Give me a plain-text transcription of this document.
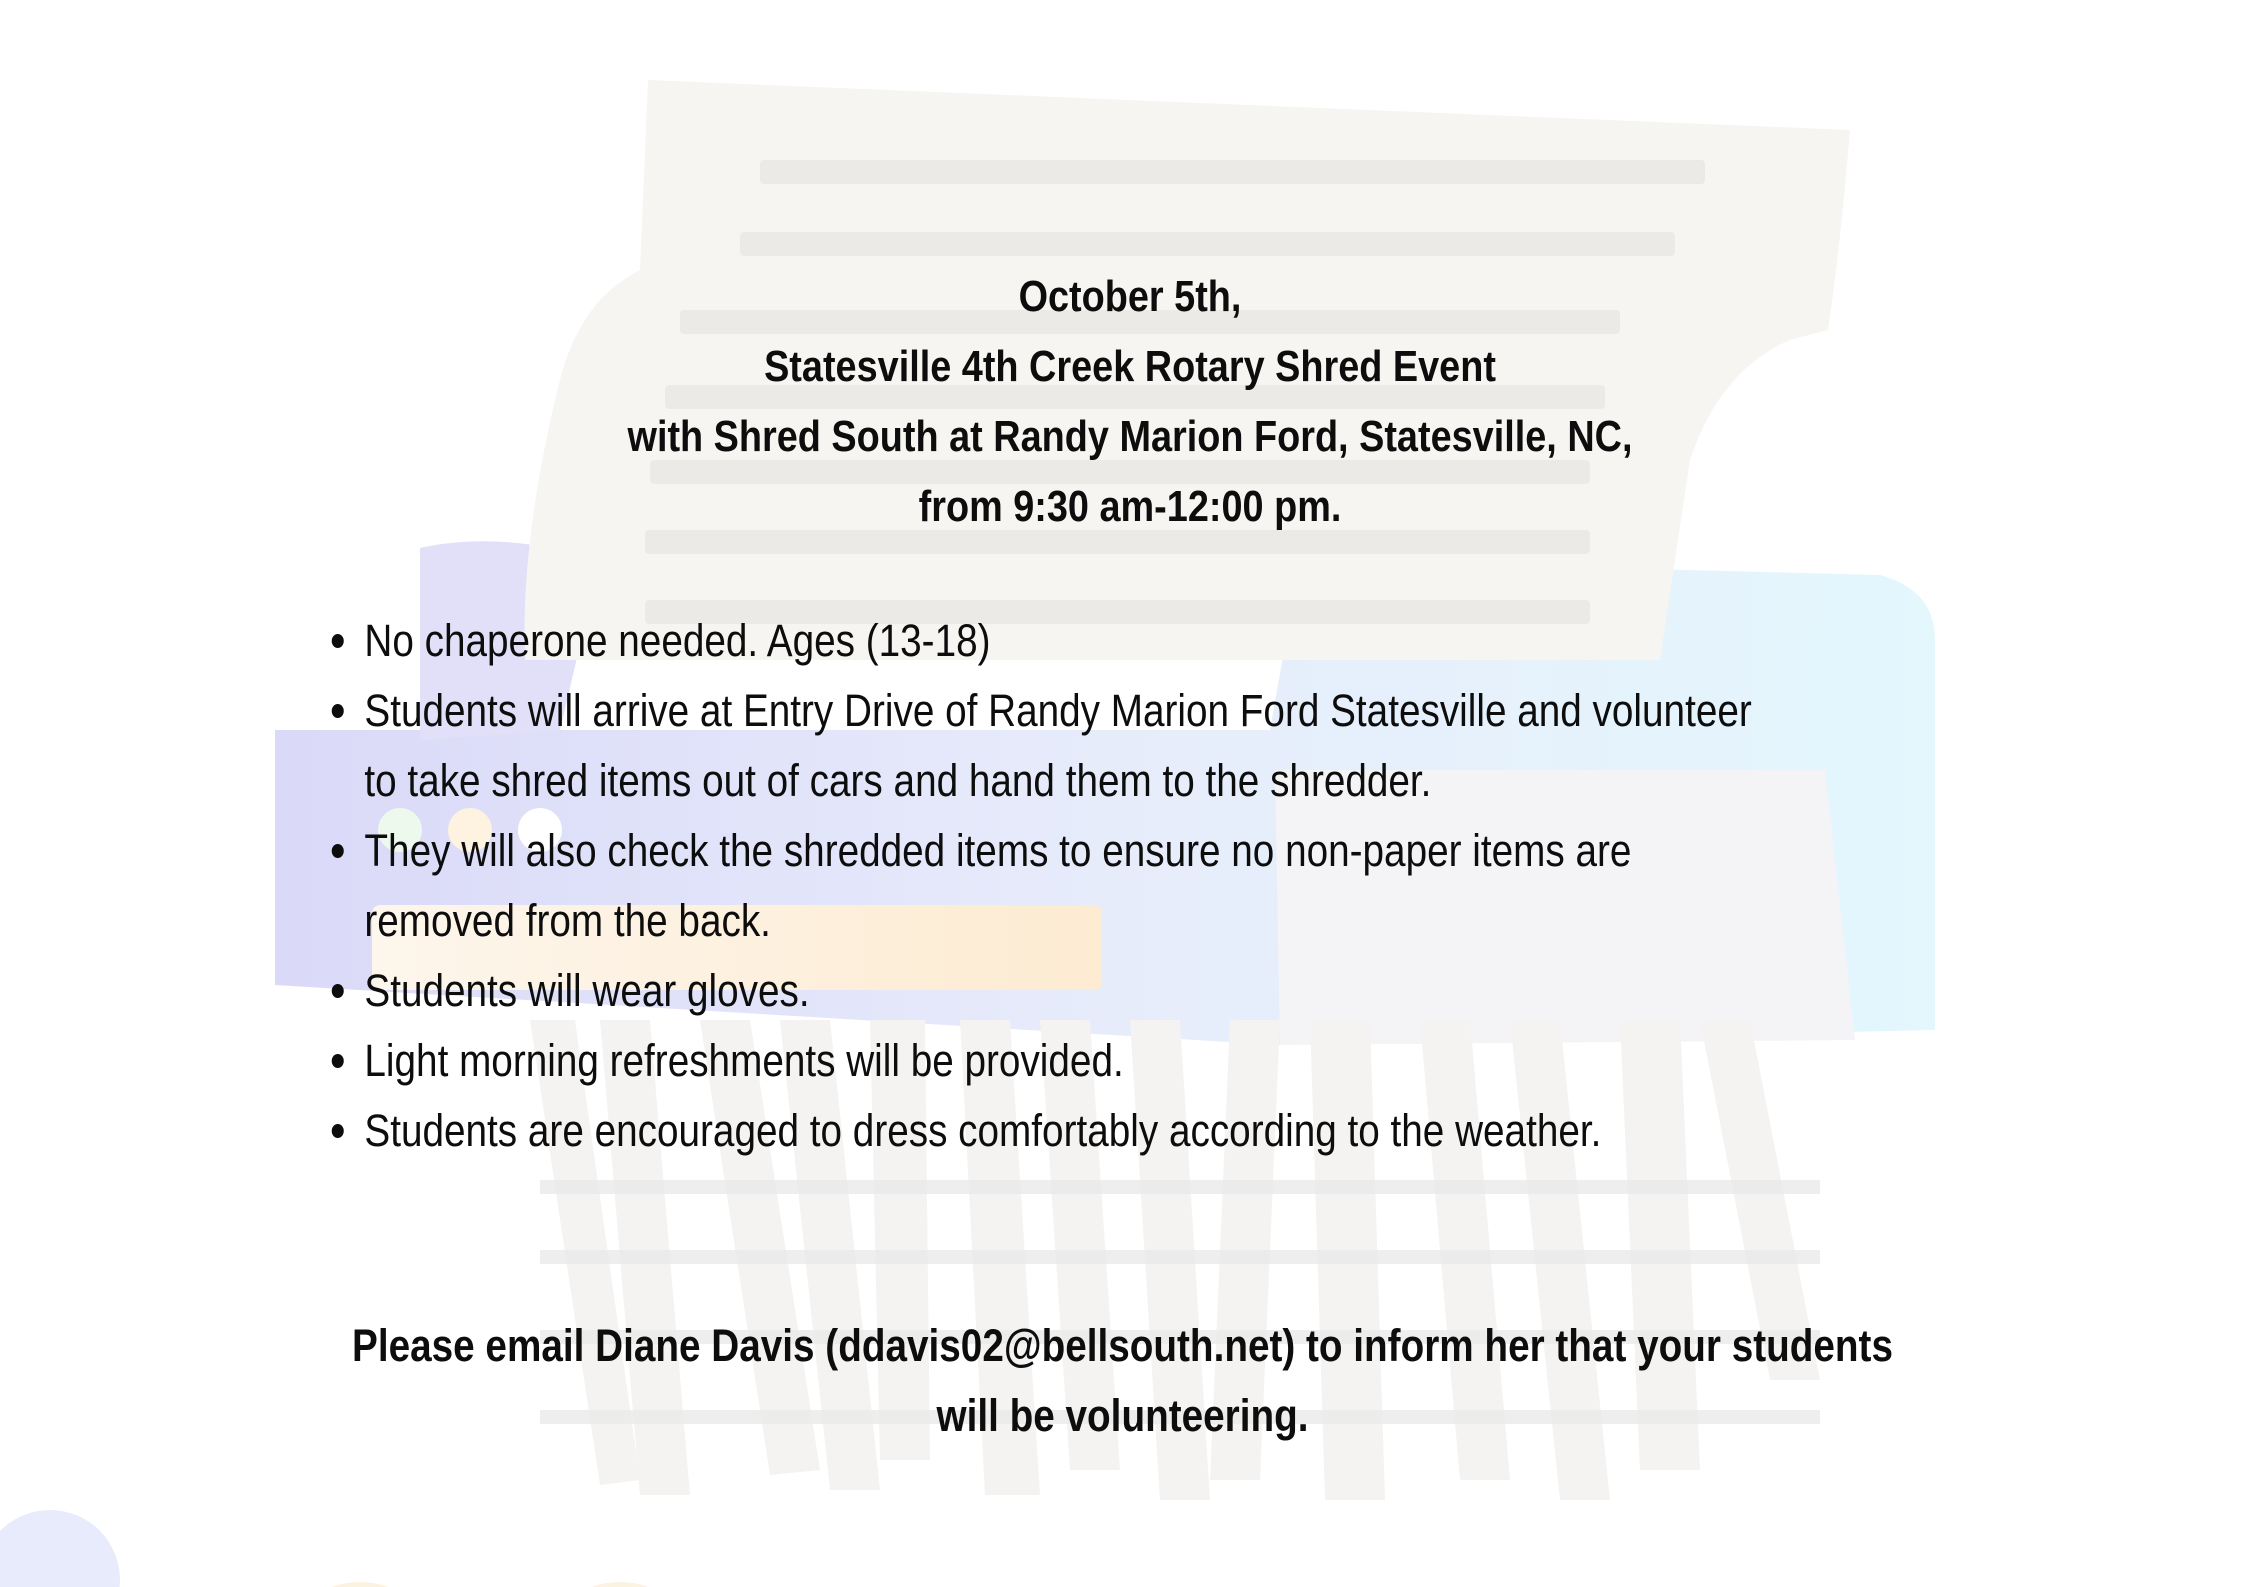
October 5th,
Statesville 4th Creek Rotary Shred Event
with Shred South at Randy Marion Ford, Statesville, NC,
from 9:30 am-12:00 pm.
No chaperone needed. Ages (13-18)
Students will arrive at Entry Drive of Randy Marion Ford Statesville and volunteer to take shred items out of cars and hand them to the shredder.
They will also check the shredded items to ensure no non-paper items are removed from the back.
Students will wear gloves.
Light morning refreshments will be provided.
Students are encouraged to dress comfortably according to the weather.
Please email Diane Davis (ddavis02@bellsouth.net) to inform her that your students
will be volunteering.
